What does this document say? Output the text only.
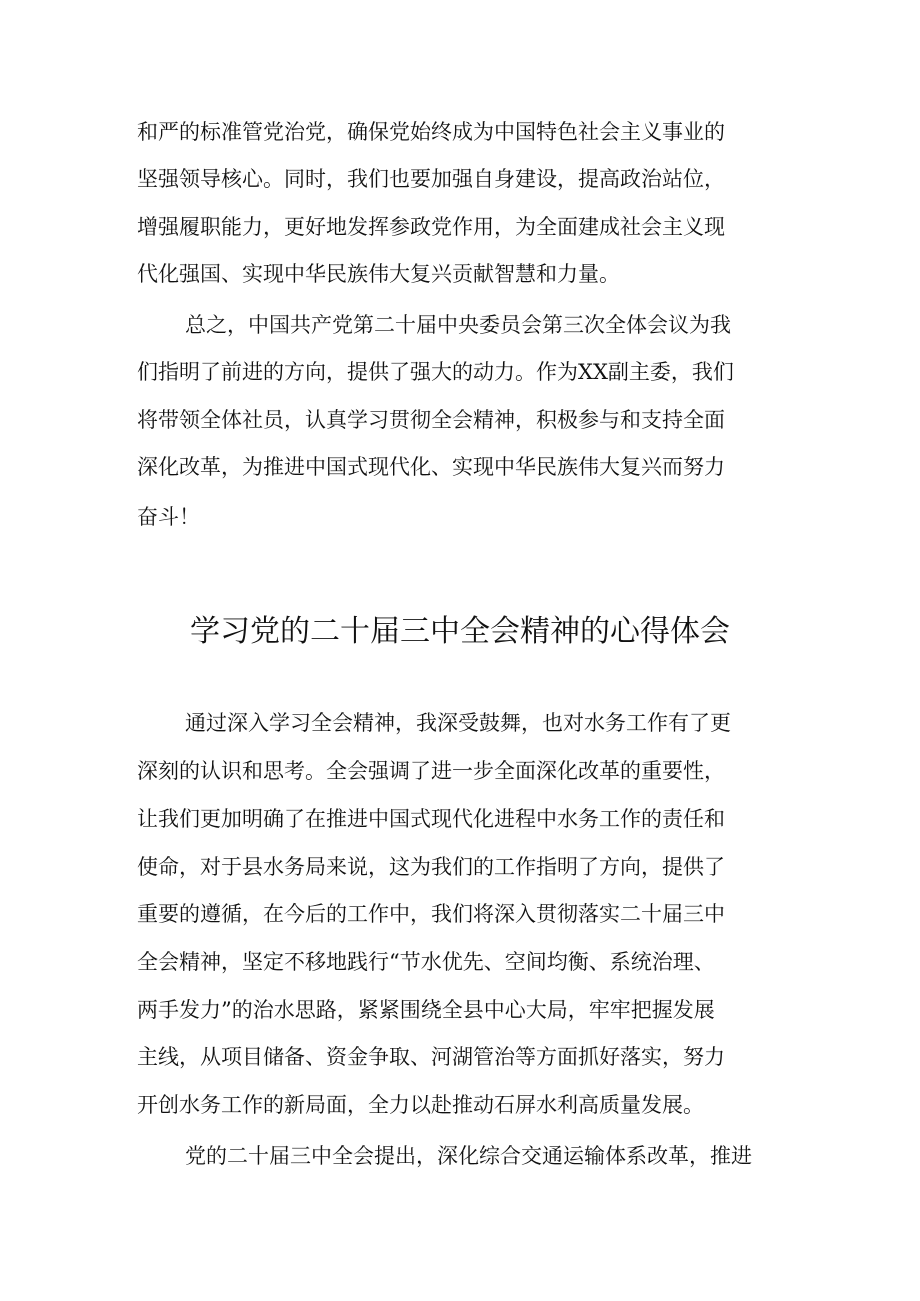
和严的标准管党治党，确保党始终成为中国特色社会主义事业的
坚强领导核心。同时，我们也要加强自身建设，提高政治站位，
增强履职能力，更好地发挥参政党作用，为全面建成社会主义现
代化强国、实现中华民族伟大复兴贡献智慧和力量。
总之，中国共产党第二十届中央委员会第三次全体会议为我
们指明了前进的方向，提供了强大的动力。作为XX副主委，我们
将带领全体社员，认真学习贯彻全会精神，积极参与和支持全面
深化改革，为推进中国式现代化、实现中华民族伟大复兴而努力
奋斗！
学习党的二十届三中全会精神的心得体会
通过深入学习全会精神，我深受鼓舞，也对水务工作有了更
深刻的认识和思考。全会强调了进一步全面深化改革的重要性，
让我们更加明确了在推进中国式现代化进程中水务工作的责任和
使命，对于县水务局来说，这为我们的工作指明了方向，提供了
重要的遵循，在今后的工作中，我们将深入贯彻落实二十届三中
全会精神，坚定不移地践行“节水优先、空间均衡、系统治理、
两手发力”的治水思路，紧紧围绕全县中心大局，牢牢把握发展
主线，从项目储备、资金争取、河湖管治等方面抓好落实，努力
开创水务工作的新局面，全力以赴推动石屏水利高质量发展。
党的二十届三中全会提出，深化综合交通运输体系改革，推进
